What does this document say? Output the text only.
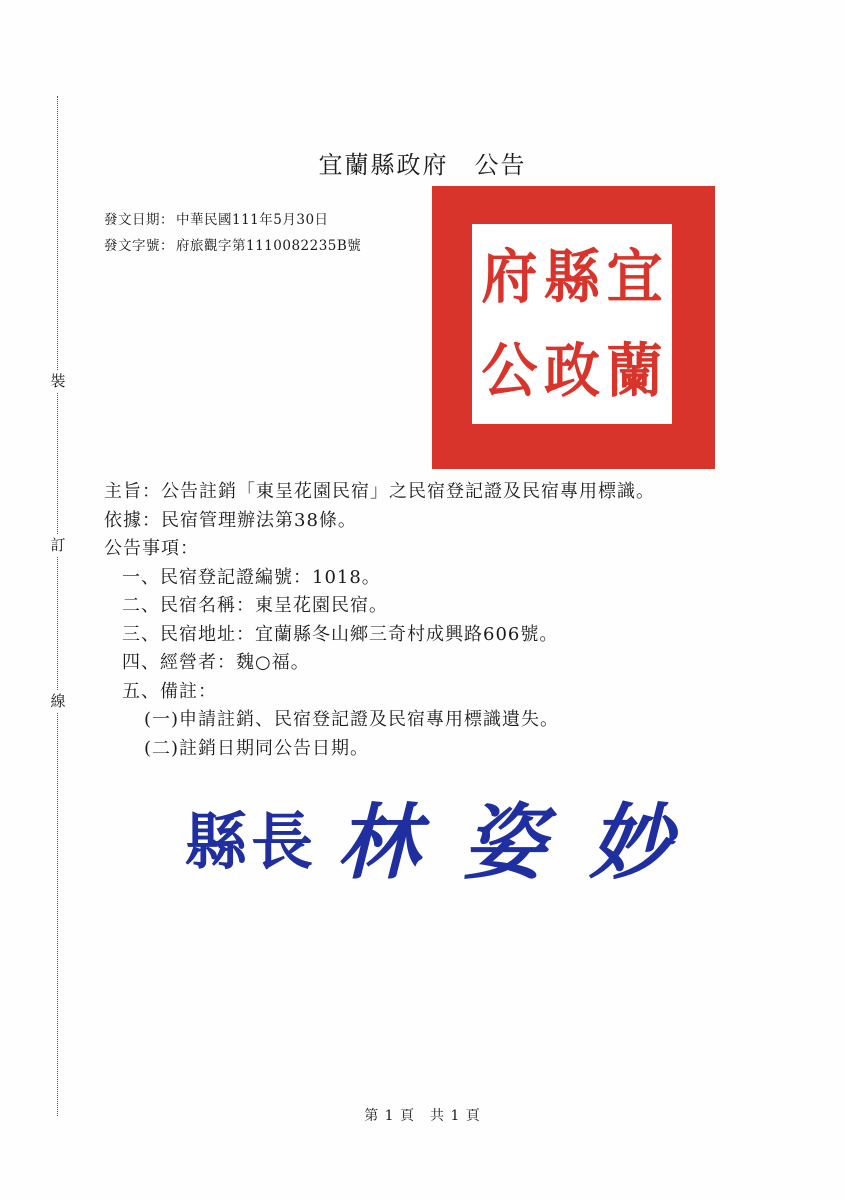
裝
訂
線
宜蘭縣政府　公告
發文日期： 中華民國111年5月30日
發文字號： 府旅觀字第1110082235B號 府
公
縣
政
宜
蘭
主旨：公告註銷「東呈花園民宿」之民宿登記證及民宿專用標識。
依據：民宿管理辦法第38條。
公告事項：
一、民宿登記證編號：1018。
二、民宿名稱：東呈花園民宿。
三、民宿地址：宜蘭縣冬山鄉三奇村成興路606號。
四、經營者：魏○福。
五、備註：
(一)申請註銷、民宿登記證及民宿專用標識遺失。
(二)註銷日期同公告日期。
縣長 林 姿 妙
第 1 頁　共 1 頁
